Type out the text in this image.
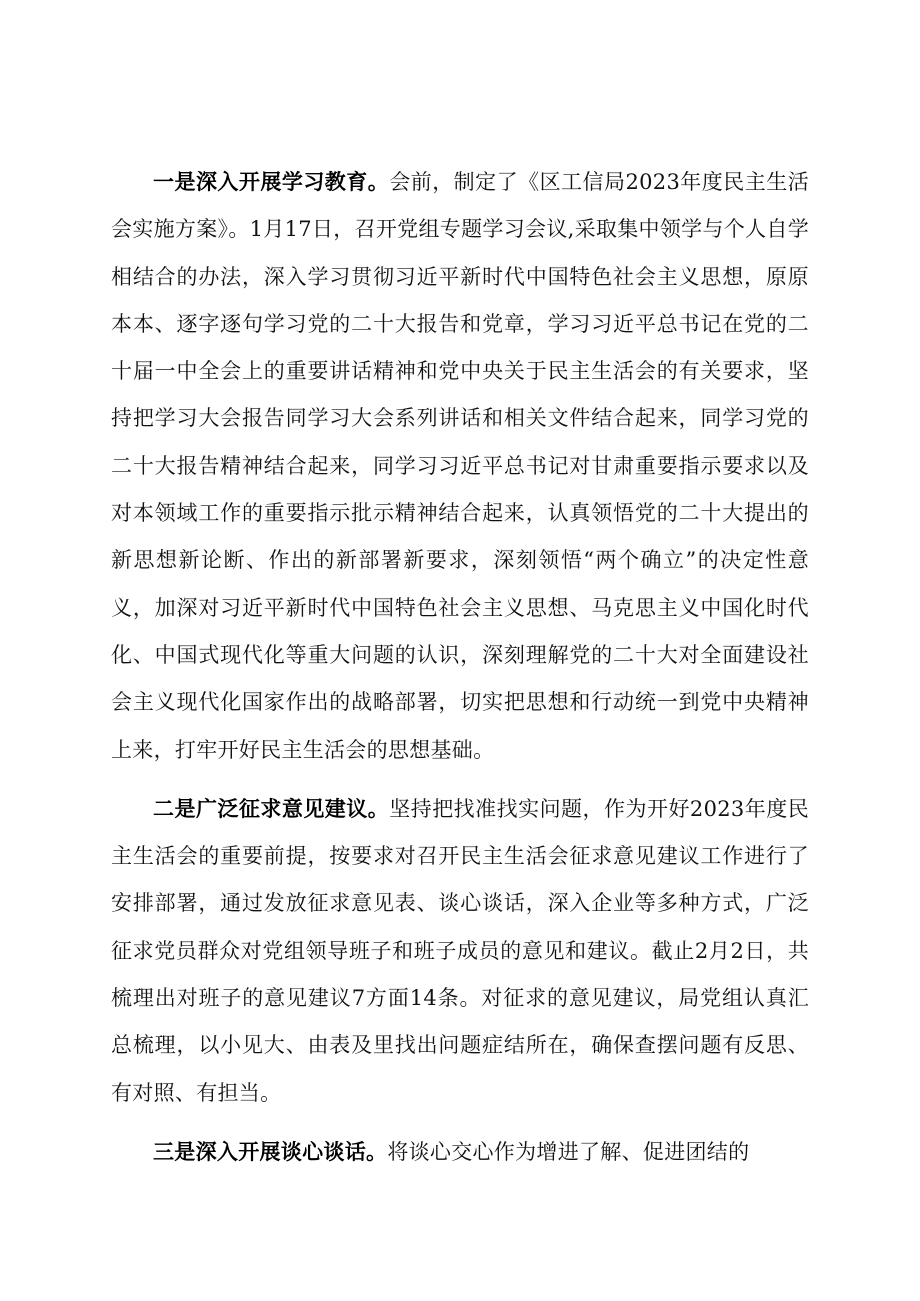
一是深入开展学习教育。会前，制定了《区工信局2023年度民主生活会实施方案》。1月17日，召开党组专题学习会议,采取集中领学与个人自学相结合的办法，深入学习贯彻习近平新时代中国特色社会主义思想，原原本本、逐字逐句学习党的二十大报告和党章，学习习近平总书记在党的二十届一中全会上的重要讲话精神和党中央关于民主生活会的有关要求，坚持把学习大会报告同学习大会系列讲话和相关文件结合起来，同学习党的二十大报告精神结合起来，同学习习近平总书记对甘肃重要指示要求以及对本领域工作的重要指示批示精神结合起来，认真领悟党的二十大提出的新思想新论断、作出的新部署新要求，深刻领悟“两个确立”的决定性意义，加深对习近平新时代中国特色社会主义思想、马克思主义中国化时代化、中国式现代化等重大问题的认识，深刻理解党的二十大对全面建设社会主义现代化国家作出的战略部署，切实把思想和行动统一到党中央精神上来，打牢开好民主生活会的思想基础。

二是广泛征求意见建议。坚持把找准找实问题，作为开好2023年度民主生活会的重要前提，按要求对召开民主生活会征求意见建议工作进行了安排部署，通过发放征求意见表、谈心谈话，深入企业等多种方式，广泛征求党员群众对党组领导班子和班子成员的意见和建议。截止2月2日，共梳理出对班子的意见建议7方面14条。对征求的意见建议，局党组认真汇总梳理，以小见大、由表及里找出问题症结所在，确保查摆问题有反思、有对照、有担当。

三是深入开展谈心谈话。将谈心交心作为增进了解、促进团结的
